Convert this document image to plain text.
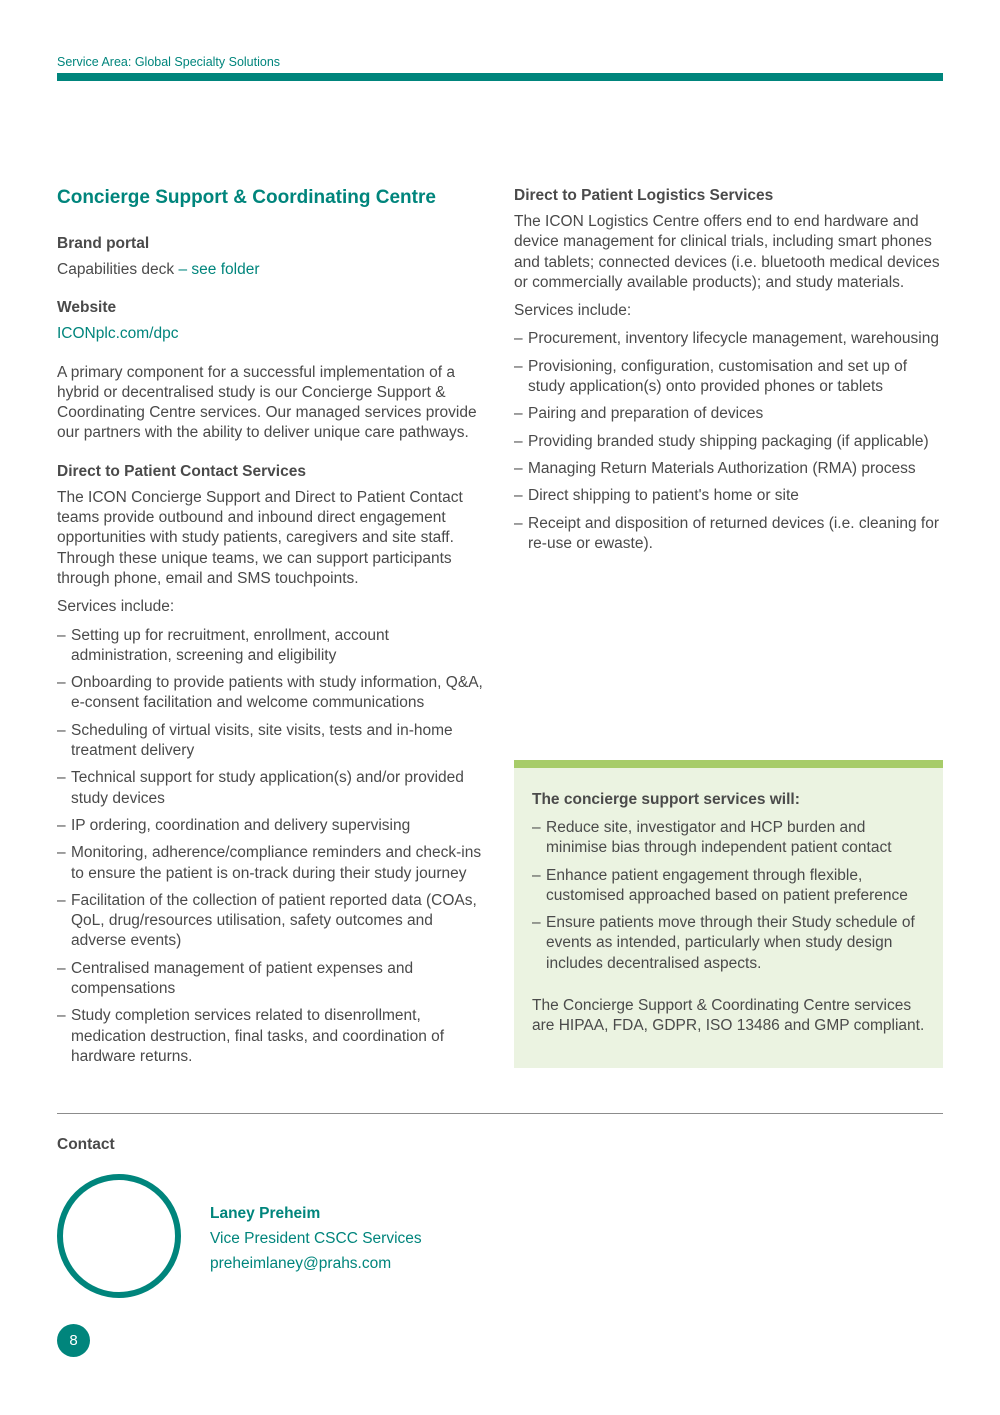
Service Area: Global Specialty Solutions
Concierge Support & Coordinating Centre
Brand portal

Capabilities deck – see folder

Website

ICONplc.com/dpc

A primary component for a successful implementation of a hybrid or decentralised study is our Concierge Support & Coordinating Centre services. Our managed services provide our partners with the ability to deliver unique care pathways.

Direct to Patient Contact Services

The ICON Concierge Support and Direct to Patient Contact teams provide outbound and inbound direct engagement opportunities with study patients, caregivers and site staff. Through these unique teams, we can support participants through phone, email and SMS touchpoints.

Services include:

– Setting up for recruitment, enrollment, account administration, screening and eligibility
– Onboarding to provide patients with study information, Q&A, e-consent facilitation and welcome communications
– Scheduling of virtual visits, site visits, tests and in-home treatment delivery
– Technical support for study application(s) and/or provided study devices
– IP ordering, coordination and delivery supervising
– Monitoring, adherence/compliance reminders and check-ins to ensure the patient is on-track during their study journey
– Facilitation of the collection of patient reported data (COAs, QoL, drug/resources utilisation, safety outcomes and adverse events)
– Centralised management of patient expenses and compensations
– Study completion services related to disenrollment, medication destruction, final tasks, and coordination of hardware returns.
Direct to Patient Logistics Services

The ICON Logistics Centre offers end to end hardware and device management for clinical trials, including smart phones and tablets; connected devices (i.e. bluetooth medical devices or commercially available products); and study materials.

Services include:

– Procurement, inventory lifecycle management, warehousing
– Provisioning, configuration, customisation and set up of study application(s) onto provided phones or tablets
– Pairing and preparation of devices
– Providing branded study shipping packaging (if applicable)
– Managing Return Materials Authorization (RMA) process
– Direct shipping to patient's home or site
– Receipt and disposition of returned devices (i.e. cleaning for re-use or ewaste).
The concierge support services will:
– Reduce site, investigator and HCP burden and minimise bias through independent patient contact
– Enhance patient engagement through flexible, customised approached based on patient preference
– Ensure patients move through their Study schedule of events as intended, particularly when study design includes decentralised aspects.

The Concierge Support & Coordinating Centre services are HIPAA, FDA, GDPR, ISO 13486 and GMP compliant.

Contact
Laney Preheim
Vice President CSCC Services
preheimlaney@prahs.com
8
